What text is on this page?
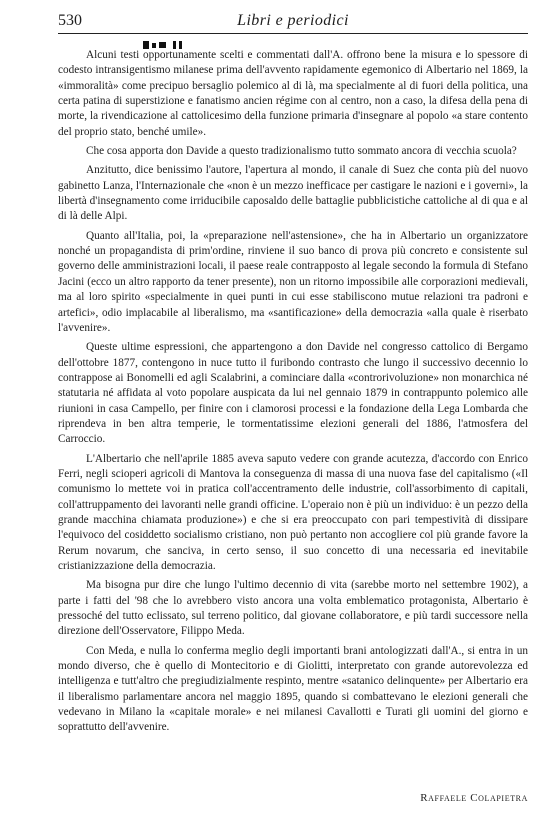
530	Libri e periodici

Alcuni testi opportunamente scelti e commentati dall'A. offrono bene la misura e lo spessore di codesto intransigentismo milanese prima dell'avvento rapidamente egemonico di Albertario nel 1869, la «immoralità» come precipuo bersaglio polemico al di là, ma specialmente al di fuori della politica, una certa patina di superstizione e fanatismo ancien régime con al centro, non a caso, la difesa della pena di morte, la rivendicazione al cattolicesimo della funzione primaria d'insegnare al popolo «a stare contento del proprio stato, benché umile».

Che cosa apporta don Davide a questo tradizionalismo tutto sommato ancora di vecchia scuola?

Anzitutto, dice benissimo l'autore, l'apertura al mondo, il canale di Suez che conta più del nuovo gabinetto Lanza, l'Internazionale che «non è un mezzo inefficace per castigare le nazioni e i governi», la libertà d'insegnamento come irriducibile caposaldo delle battaglie pubblicistiche cattoliche al di qua e al di là delle Alpi.

Quanto all'Italia, poi, la «preparazione nell'astensione», che ha in Albertario un organizzatore nonché un propagandista di prim'ordine, rinviene il suo banco di prova più concreto e consistente sul governo delle amministrazioni locali, il paese reale contrapposto al legale secondo la formula di Stefano Jacini (ecco un altro rapporto da tener presente), non un ritorno impossibile alle corporazioni medievali, ma al loro spirito «specialmente in quei punti in cui esse stabiliscono mutue relazioni tra padroni e artefici», odio implacabile al liberalismo, ma «santificazione» della democrazia «alla quale è riserbato l'avvenire».

Queste ultime espressioni, che appartengono a don Davide nel congresso cattolico di Bergamo dell'ottobre 1877, contengono in nuce tutto il furibondo contrasto che lungo il successivo decennio lo contrappose ai Bonomelli ed agli Scalabrini, a cominciare dalla «controrivoluzione» non monarchica né statutaria né affidata al voto popolare auspicata da lui nel gennaio 1879 in contrappunto polemico alle riunioni in casa Campello, per finire con i clamorosi processi e la fondazione della Lega Lombarda che riprendeva in ben altra temperie, le tormentatissime elezioni generali del 1886, l'atmosfera del Carroccio.

L'Albertario che nell'aprile 1885 aveva saputo vedere con grande acutezza, d'accordo con Enrico Ferri, negli scioperi agricoli di Mantova la conseguenza di massa di una nuova fase del capitalismo («Il comunismo lo mettete voi in pratica coll'accentramento delle industrie, coll'assorbimento di capitali, coll'attruppamento dei lavoranti nelle grandi officine. L'operaio non è più un individuo: è un pezzo della grande macchina chiamata produzione») e che si era preoccupato con pari tempestività di dissipare l'equivoco del cosiddetto socialismo cristiano, non può pertanto non accogliere col più grande favore la Rerum novarum, che sanciva, in certo senso, il suo concetto di una necessaria ed inevitabile cristianizzazione della democrazia.

Ma bisogna pur dire che lungo l'ultimo decennio di vita (sarebbe morto nel settembre 1902), a parte i fatti del '98 che lo avrebbero visto ancora una volta emblematico protagonista, Albertario è pressoché del tutto eclissato, sul terreno politico, dal giovane collaboratore, e più tardi successore nella direzione dell'Osservatore, Filippo Meda.

Con Meda, e nulla lo conferma meglio degli importanti brani antologizzati dall'A., si entra in un mondo diverso, che è quello di Montecitorio e di Giolitti, interpretato con grande autorevolezza ed intelligenza e tutt'altro che pregiudizialmente respinto, mentre «satanico delinquente» per Albertario era il liberalismo parlamentare ancora nel maggio 1895, quando si combattevano le elezioni generali che vedevano in Milano la «capitale morale» e nei milanesi Cavallotti e Turati gli uomini del giorno e soprattutto dell'avvenire.

Raffaele Colapietra
